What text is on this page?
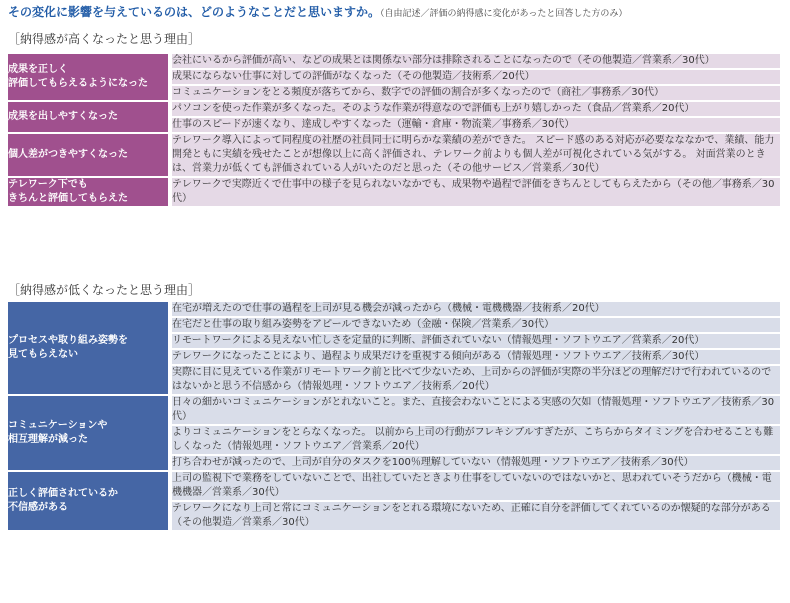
その変化に影響を与えているのは、どのようなことだと思いますか。（自由記述／評価の納得感に変化があったと回答した方のみ）
［納得感が高くなったと思う理由］
成果を正しく
評価してもらえるようになった		会社にいるから評価が高い、などの成果とは関係ない部分は排除されることになったので（その他製造／営業系／30代）
		成果にならない仕事に対しての評価がなくなった（その他製造／技術系／20代）
		コミュニケーションをとる頻度が落ちてから、数字での評価の割合が多くなったので（商社／事務系／30代）

成果を出しやすくなった		パソコンを使った作業が多くなった。そのような作業が得意なので評価も上がり嬉しかった（食品／営業系／20代）
		仕事のスピードが速くなり、達成しやすくなった（運輸・倉庫・物流業／事務系／30代）

個人差がつきやすくなった		テレワーク導入によって同程度の社歴の社員同士に明らかな業績の差ができた。 スピード感のある対応が必要なななかで、業績、能力開発ともに実績を残せたことが想像以上に高く評価され、テレワーク前よりも個人差が可視化されている気がする。 対面営業のときは、営業力が低くても評価されている人がいたのだと思った（その他サービス／営業系／30代）

テレワーク下でも
きちんと評価してもらえた		テレワークで実際近くで仕事中の様子を見られないなかでも、成果物や過程で評価をきちんとしてもらえたから（その他／事務系／30代）
［納得感が低くなったと思う理由］
プロセスや取り組み姿勢を
見てもらえない		在宅が増えたので仕事の過程を上司が見る機会が減ったから（機械・電機機器／技術系／20代）
		在宅だと仕事の取り組み姿勢をアピールできないため（金融・保険／営業系／30代）
		リモートワークによる見えない忙しさを定量的に判断、評価されていない（情報処理・ソフトウエア／営業系／20代）
		テレワークになったことにより、過程より成果だけを重視する傾向がある（情報処理・ソフトウエア／技術系／30代）
		実際に目に見えている作業がリモートワーク前と比べて少ないため、上司からの評価が実際の半分ほどの理解だけで行われているのではないかと思う不信感から（情報処理・ソフトウエア／技術系／20代）

コミュニケーションや
相互理解が減った		日々の細かいコミュニケーションがとれないこと。また、直接会わないことによる実感の欠如（情報処理・ソフトウエア／技術系／30代）
		よりコミュニケーションをとらなくなった。 以前から上司の行動がフレキシブルすぎたが、こちらからタイミングを合わせることも難しくなった（情報処理・ソフトウエア／営業系／20代）
		打ち合わせが減ったので、上司が自分のタスクを100％理解していない（情報処理・ソフトウエア／技術系／30代）

正しく評価されているか
不信感がある		上司の監視下で業務をしていないことで、出社していたときより仕事をしていないのではないかと、思われていそうだから（機械・電機機器／営業系／30代）
		テレワークになり上司と常にコミュニケーションをとれる環境にないため、正確に自分を評価してくれているのか懐疑的な部分がある（その他製造／営業系／30代）
